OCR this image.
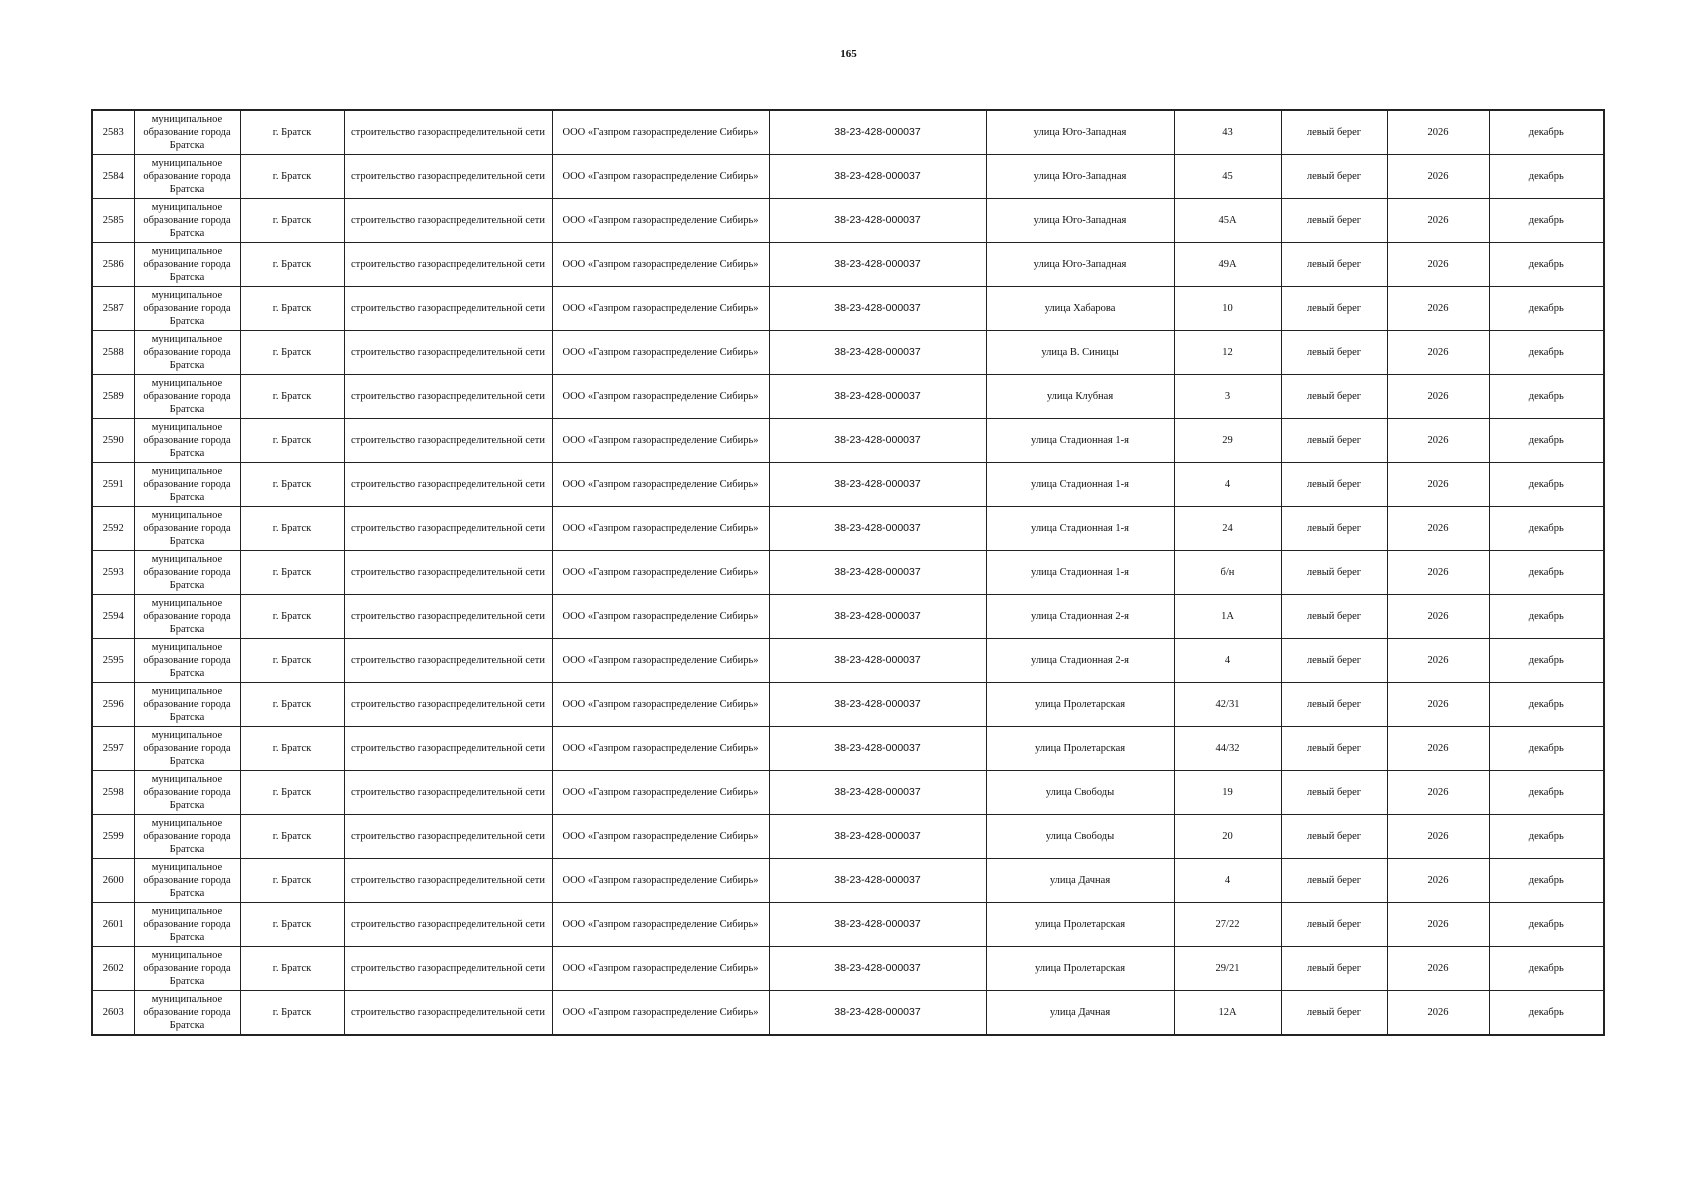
165
2583	муниципальное образование города Братска	г. Братск	строительство газораспределительной сети	ООО «Газпром газораспределение Сибирь»	38-23-428-000037	улица Юго-Западная	43	левый берег	2026	декабрь
2584	муниципальное образование города Братска	г. Братск	строительство газораспределительной сети	ООО «Газпром газораспределение Сибирь»	38-23-428-000037	улица Юго-Западная	45	левый берег	2026	декабрь
2585	муниципальное образование города Братска	г. Братск	строительство газораспределительной сети	ООО «Газпром газораспределение Сибирь»	38-23-428-000037	улица Юго-Западная	45А	левый берег	2026	декабрь
2586	муниципальное образование города Братска	г. Братск	строительство газораспределительной сети	ООО «Газпром газораспределение Сибирь»	38-23-428-000037	улица Юго-Западная	49А	левый берег	2026	декабрь
2587	муниципальное образование города Братска	г. Братск	строительство газораспределительной сети	ООО «Газпром газораспределение Сибирь»	38-23-428-000037	улица Хабарова	10	левый берег	2026	декабрь
2588	муниципальное образование города Братска	г. Братск	строительство газораспределительной сети	ООО «Газпром газораспределение Сибирь»	38-23-428-000037	улица В. Синицы	12	левый берег	2026	декабрь
2589	муниципальное образование города Братска	г. Братск	строительство газораспределительной сети	ООО «Газпром газораспределение Сибирь»	38-23-428-000037	улица Клубная	3	левый берег	2026	декабрь
2590	муниципальное образование города Братска	г. Братск	строительство газораспределительной сети	ООО «Газпром газораспределение Сибирь»	38-23-428-000037	улица Стадионная 1-я	29	левый берег	2026	декабрь
2591	муниципальное образование города Братска	г. Братск	строительство газораспределительной сети	ООО «Газпром газораспределение Сибирь»	38-23-428-000037	улица Стадионная 1-я	4	левый берег	2026	декабрь
2592	муниципальное образование города Братска	г. Братск	строительство газораспределительной сети	ООО «Газпром газораспределение Сибирь»	38-23-428-000037	улица Стадионная 1-я	24	левый берег	2026	декабрь
2593	муниципальное образование города Братска	г. Братск	строительство газораспределительной сети	ООО «Газпром газораспределение Сибирь»	38-23-428-000037	улица Стадионная 1-я	б/н	левый берег	2026	декабрь
2594	муниципальное образование города Братска	г. Братск	строительство газораспределительной сети	ООО «Газпром газораспределение Сибирь»	38-23-428-000037	улица Стадионная 2-я	1А	левый берег	2026	декабрь
2595	муниципальное образование города Братска	г. Братск	строительство газораспределительной сети	ООО «Газпром газораспределение Сибирь»	38-23-428-000037	улица Стадионная 2-я	4	левый берег	2026	декабрь
2596	муниципальное образование города Братска	г. Братск	строительство газораспределительной сети	ООО «Газпром газораспределение Сибирь»	38-23-428-000037	улица Пролетарская	42/31	левый берег	2026	декабрь
2597	муниципальное образование города Братска	г. Братск	строительство газораспределительной сети	ООО «Газпром газораспределение Сибирь»	38-23-428-000037	улица Пролетарская	44/32	левый берег	2026	декабрь
2598	муниципальное образование города Братска	г. Братск	строительство газораспределительной сети	ООО «Газпром газораспределение Сибирь»	38-23-428-000037	улица Свободы	19	левый берег	2026	декабрь
2599	муниципальное образование города Братска	г. Братск	строительство газораспределительной сети	ООО «Газпром газораспределение Сибирь»	38-23-428-000037	улица Свободы	20	левый берег	2026	декабрь
2600	муниципальное образование города Братска	г. Братск	строительство газораспределительной сети	ООО «Газпром газораспределение Сибирь»	38-23-428-000037	улица Дачная	4	левый берег	2026	декабрь
2601	муниципальное образование города Братска	г. Братск	строительство газораспределительной сети	ООО «Газпром газораспределение Сибирь»	38-23-428-000037	улица Пролетарская	27/22	левый берег	2026	декабрь
2602	муниципальное образование города Братска	г. Братск	строительство газораспределительной сети	ООО «Газпром газораспределение Сибирь»	38-23-428-000037	улица Пролетарская	29/21	левый берег	2026	декабрь
2603	муниципальное образование города Братска	г. Братск	строительство газораспределительной сети	ООО «Газпром газораспределение Сибирь»	38-23-428-000037	улица Дачная	12А	левый берег	2026	декабрь
